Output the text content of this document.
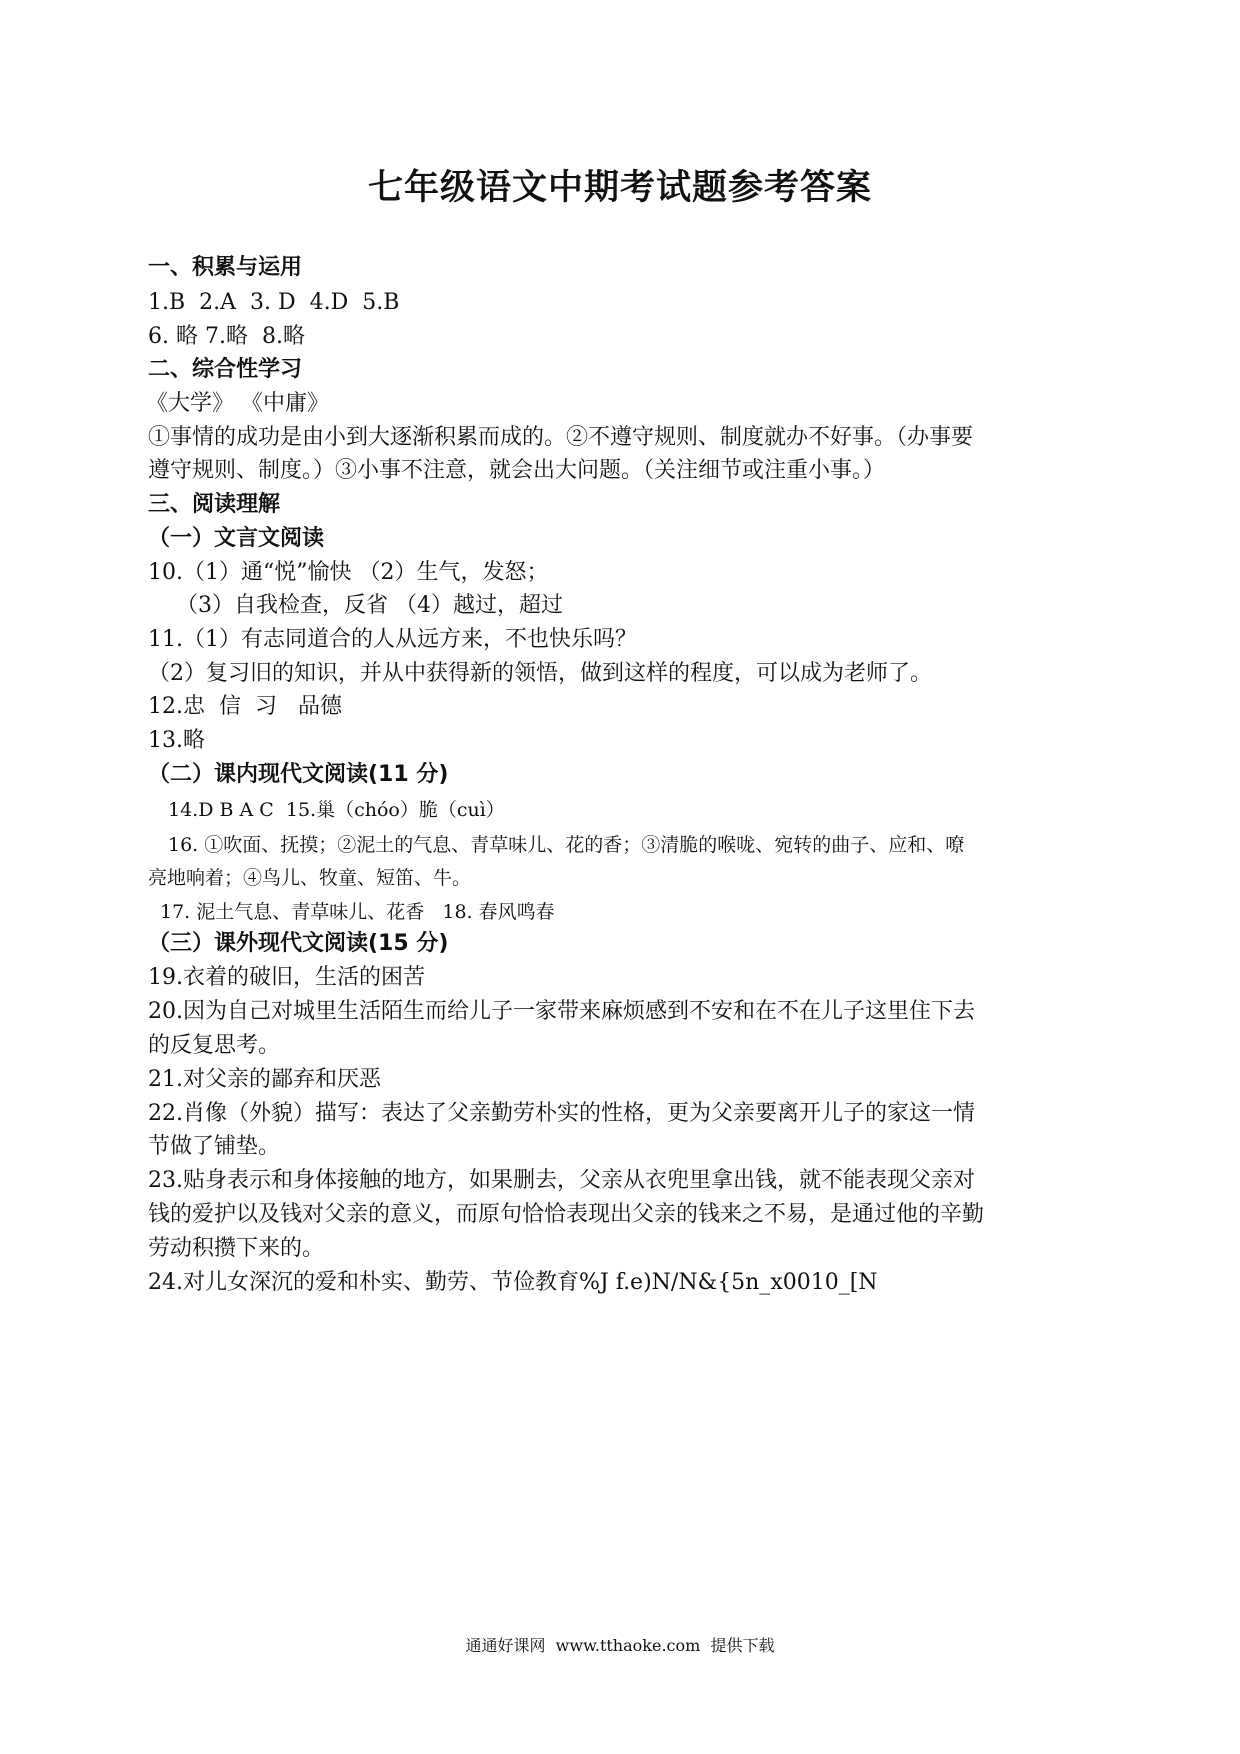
七年级语文中期考试题参考答案
一、积累与运用
1.B  2.A  3. D  4.D  5.B
6. 略 7.略  8.略
二、综合性学习
《大学》 《中庸》
①事情的成功是由小到大逐渐积累而成的。②不遵守规则、制度就办不好事。（办事要
遵守规则、制度。）③小事不注意，就会出大问题。（关注细节或注重小事。）
三、阅读理解
（一）文言文阅读
10.（1）通“悦”愉快 （2）生气，发怒；
（3）自我检查，反省 （4）越过，超过
11.（1）有志同道合的人从远方来，不也快乐吗？
（2）复习旧的知识，并从中获得新的领悟，做到这样的程度，可以成为老师了。
12.忠  信  习   品德
13.略
（二）课内现代文阅读(11 分)
14.D B A C  15.巢（chóo）脆（cuì）
16. ①吹面、抚摸；②泥土的气息、青草味儿、花的香；③清脆的喉咙、宛转的曲子、应和、嘹
亮地响着；④鸟儿、牧童、短笛、牛。
17. 泥土气息、青草味儿、花香   18. 春风鸣春
（三）课外现代文阅读(15 分)
19.衣着的破旧，生活的困苦
20.因为自己对城里生活陌生而给儿子一家带来麻烦感到不安和在不在儿子这里住下去
的反复思考。
21.对父亲的鄙弃和厌恶
22.肖像（外貌）描写：表达了父亲勤劳朴实的性格，更为父亲要离开儿子的家这一情
节做了铺垫。
23.贴身表示和身体接触的地方，如果删去，父亲从衣兜里拿出钱，就不能表现父亲对
钱的爱护以及钱对父亲的意义，而原句恰恰表现出父亲的钱来之不易，是通过他的辛勤
劳动积攒下来的。
24.对儿女深沉的爱和朴实、勤劳、节俭教育%J f.e)N/N&{5n_x0010_[N
通通好课网  www.tthaoke.com  提供下载
